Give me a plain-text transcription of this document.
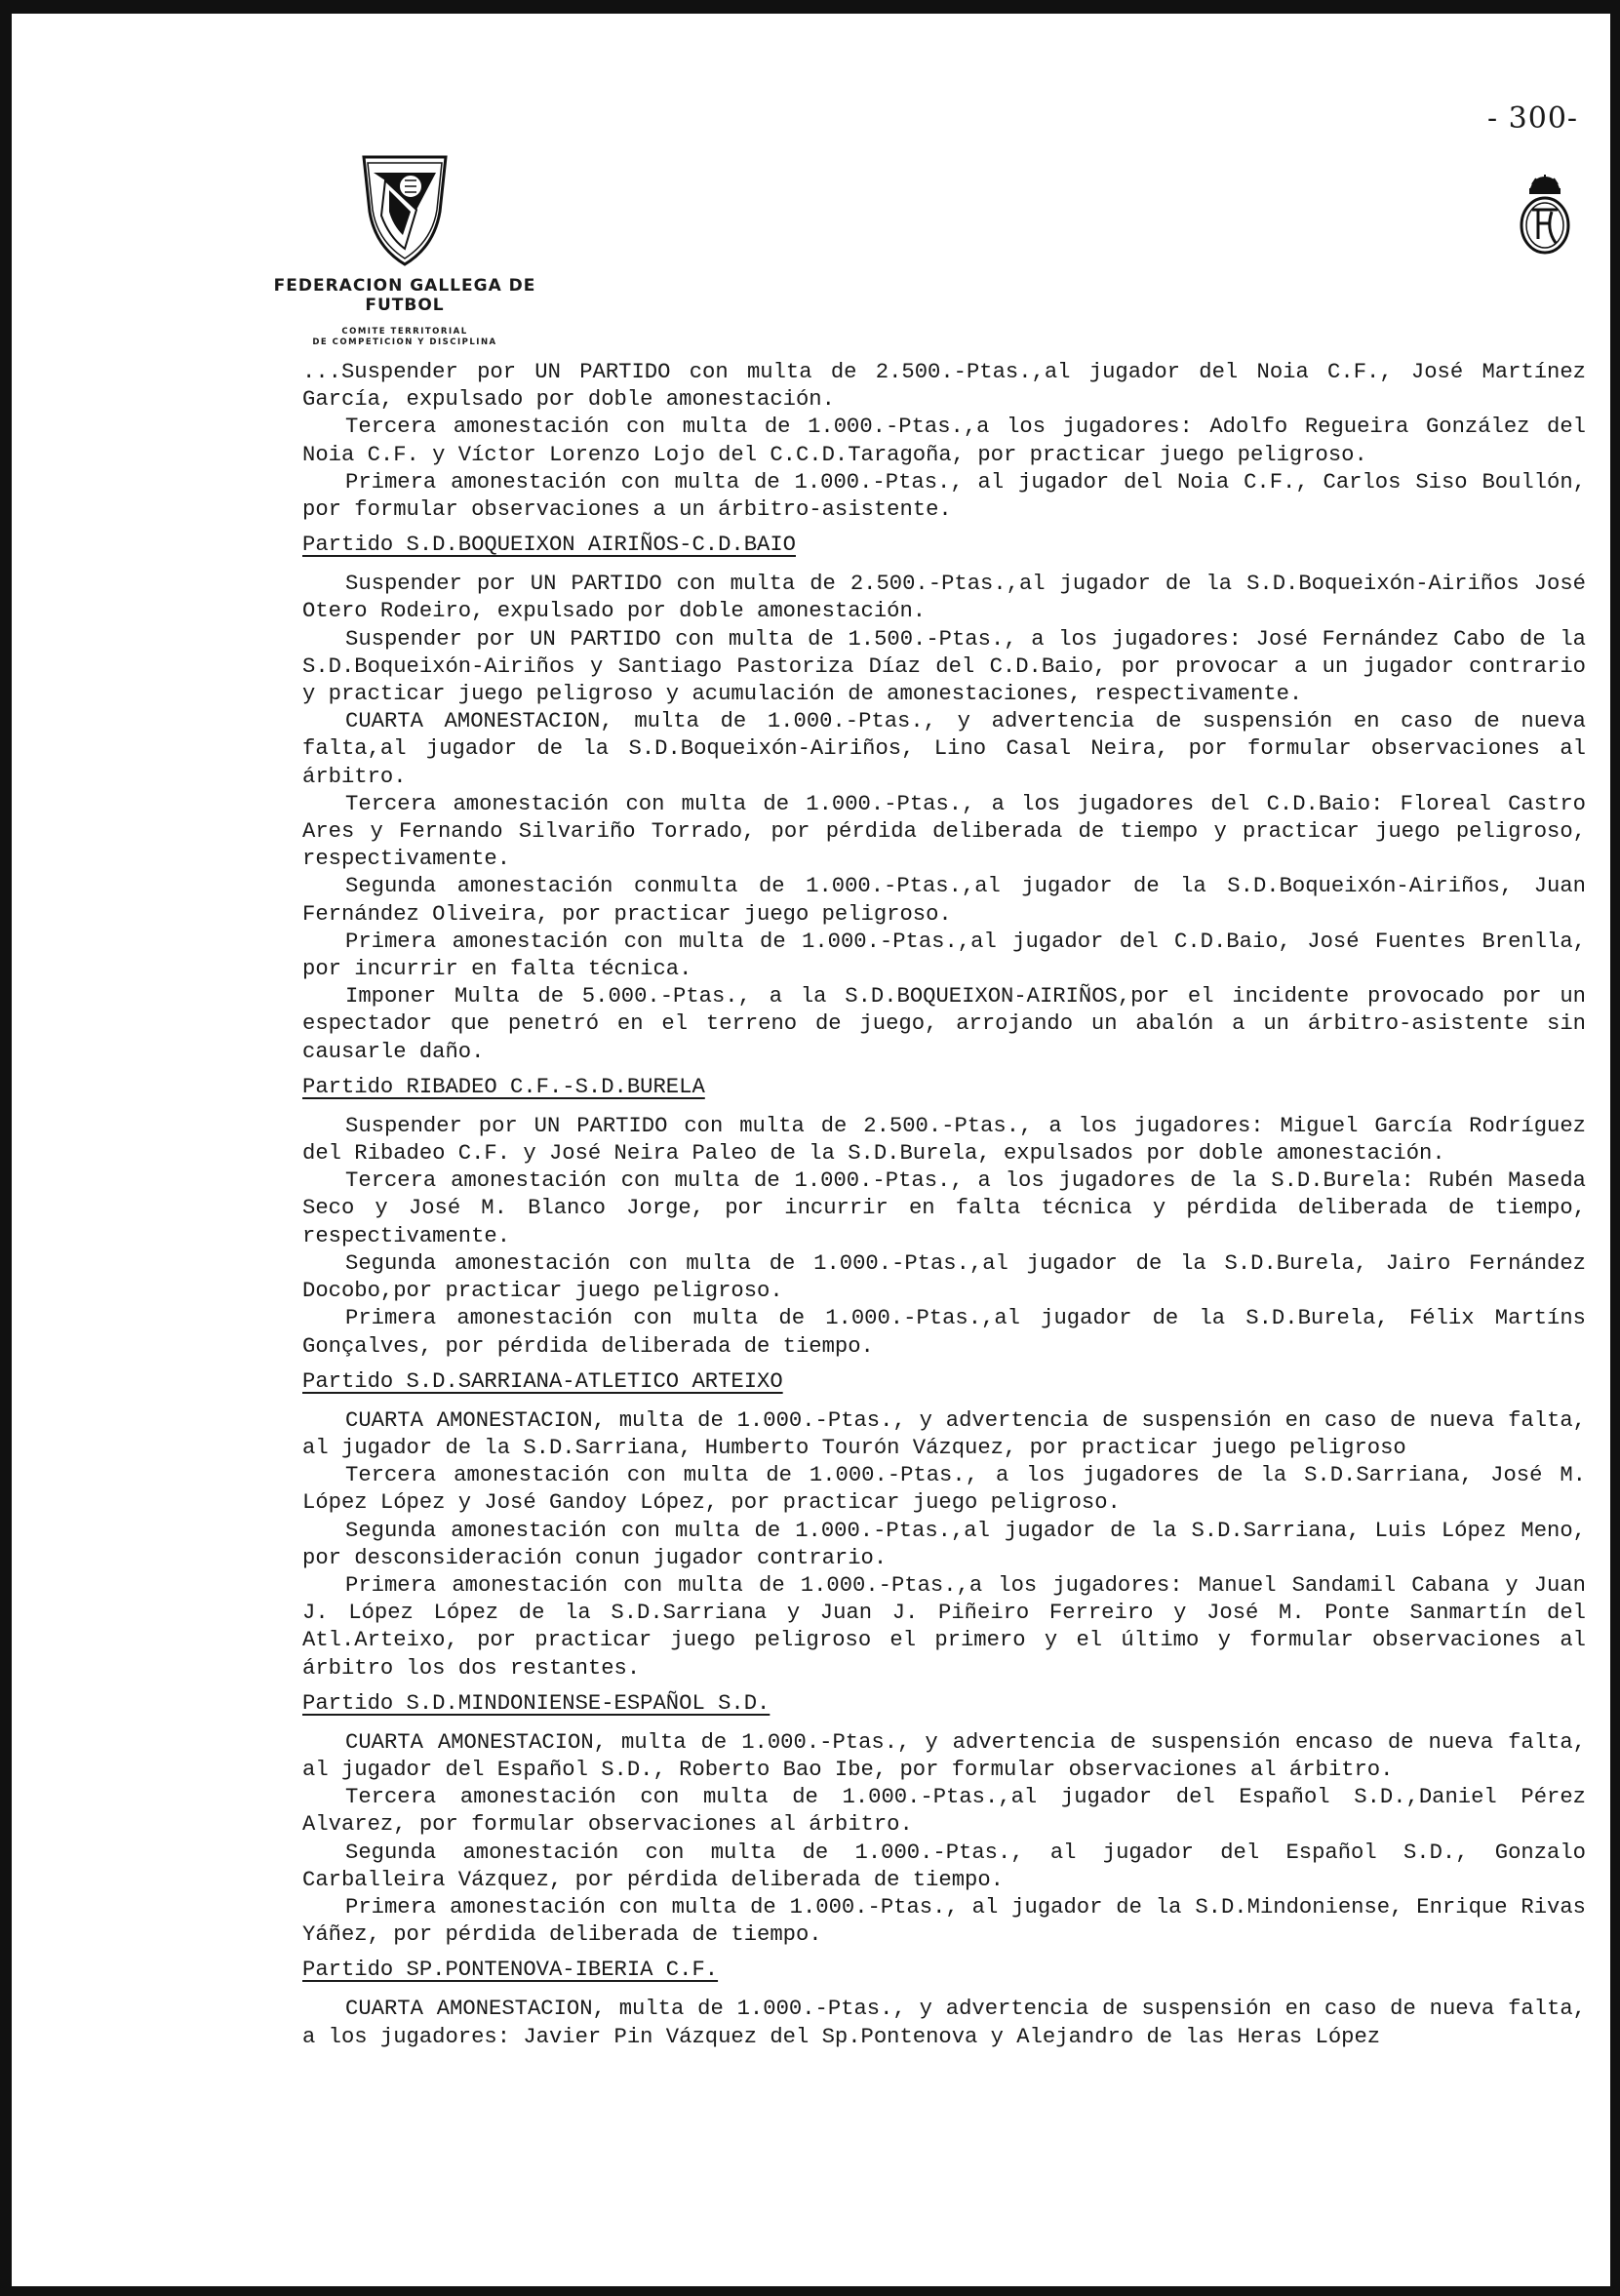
- 300-
FEDERACION GALLEGA DE FUTBOL
COMITE TERRITORIAL
DE COMPETICION Y DISCIPLINA

...Suspender por UN PARTIDO con multa de 2.500.-Ptas.,al jugador del Noia C.F., José Martínez García, expulsado por doble amonestación.

Tercera amonestación con multa de 1.000.-Ptas.,a los jugadores: Adolfo Regueira González del Noia C.F. y Víctor Lorenzo Lojo del C.C.D.Taragoña, por practicar juego peligroso.

Primera amonestación con multa de 1.000.-Ptas., al jugador del Noia C.F., Carlos Siso Boullón, por formular observaciones a un árbitro-asistente.

Partido S.D.BOQUEIXON AIRIÑOS-C.D.BAIO

Suspender por UN PARTIDO con multa de 2.500.-Ptas.,al jugador de la S.D.Boqueixón-Airiños José Otero Rodeiro, expulsado por doble amonestación.

Suspender por UN PARTIDO con multa de 1.500.-Ptas., a los jugadores: José Fernández Cabo de la S.D.Boqueixón-Airiños y Santiago Pastoriza Díaz del C.D.Baio, por provocar a un jugador contrario y practicar juego peligroso y acumulación de amonestaciones, respectivamente.

CUARTA AMONESTACION, multa de 1.000.-Ptas., y advertencia de suspensión en caso de nueva falta,al jugador de la S.D.Boqueixón-Airiños, Lino Casal Neira, por formular observaciones al árbitro.

Tercera amonestación con multa de 1.000.-Ptas., a los jugadores del C.D.Baio: Floreal Castro Ares y Fernando Silvariño Torrado, por pérdida deliberada de tiempo y practicar juego peligroso, respectivamente.

Segunda amonestación conmulta de 1.000.-Ptas.,al jugador de la S.D.Boqueixón-Airiños, Juan Fernández Oliveira, por practicar juego peligroso.

Primera amonestación con multa de 1.000.-Ptas.,al jugador del C.D.Baio, José Fuentes Brenlla, por incurrir en falta técnica.

Imponer Multa de 5.000.-Ptas., a la S.D.BOQUEIXON-AIRIÑOS,por el incidente provocado por un espectador que penetró en el terreno de juego, arrojando un abalón a un árbitro-asistente sin causarle daño.

Partido RIBADEO C.F.-S.D.BURELA

Suspender por UN PARTIDO con multa de 2.500.-Ptas., a los jugadores: Miguel García Rodríguez del Ribadeo C.F. y José Neira Paleo de la S.D.Burela, expulsados por doble amonestación.

Tercera amonestación con multa de 1.000.-Ptas., a los jugadores de la S.D.Burela: Rubén Maseda Seco y José M. Blanco Jorge, por incurrir en falta técnica y pérdida deliberada de tiempo, respectivamente.

Segunda amonestación con multa de 1.000.-Ptas.,al jugador de la S.D.Burela, Jairo Fernández Docobo,por practicar juego peligroso.

Primera amonestación con multa de 1.000.-Ptas.,al jugador de la S.D.Burela, Félix Martíns Gonçalves, por pérdida deliberada de tiempo.

Partido S.D.SARRIANA-ATLETICO ARTEIXO

CUARTA AMONESTACION, multa de 1.000.-Ptas., y advertencia de suspensión en caso de nueva falta, al jugador de la S.D.Sarriana, Humberto Tourón Vázquez, por practicar juego peligroso

Tercera amonestación con multa de 1.000.-Ptas., a los jugadores de la S.D.Sarriana, José M. López López y José Gandoy López, por practicar juego peligroso.

Segunda amonestación con multa de 1.000.-Ptas.,al jugador de la S.D.Sarriana, Luis López Meno, por desconsideración conun jugador contrario.

Primera amonestación con multa de 1.000.-Ptas.,a los jugadores: Manuel Sandamil Cabana y Juan J. López López de la S.D.Sarriana y Juan J. Piñeiro Ferreiro y José M. Ponte Sanmartín del Atl.Arteixo, por practicar juego peligroso el primero y el último y formular observaciones al árbitro los dos restantes.

Partido S.D.MINDONIENSE-ESPAÑOL S.D.

CUARTA AMONESTACION, multa de 1.000.-Ptas., y advertencia de suspensión encaso de nueva falta, al jugador del Español S.D., Roberto Bao Ibe, por formular observaciones al árbitro.

Tercera amonestación con multa de 1.000.-Ptas.,al jugador del Español S.D.,Daniel Pérez Alvarez, por formular observaciones al árbitro.

Segunda amonestación con multa de 1.000.-Ptas., al jugador del Español S.D., Gonzalo Carballeira Vázquez, por pérdida deliberada de tiempo.

Primera amonestación con multa de 1.000.-Ptas., al jugador de la S.D.Mindoniense, Enrique Rivas Yáñez, por pérdida deliberada de tiempo.

Partido SP.PONTENOVA-IBERIA C.F.

CUARTA AMONESTACION, multa de 1.000.-Ptas., y advertencia de suspensión en caso de nueva falta, a los jugadores: Javier Pin Vázquez del Sp.Pontenova y Alejandro de las Heras López
